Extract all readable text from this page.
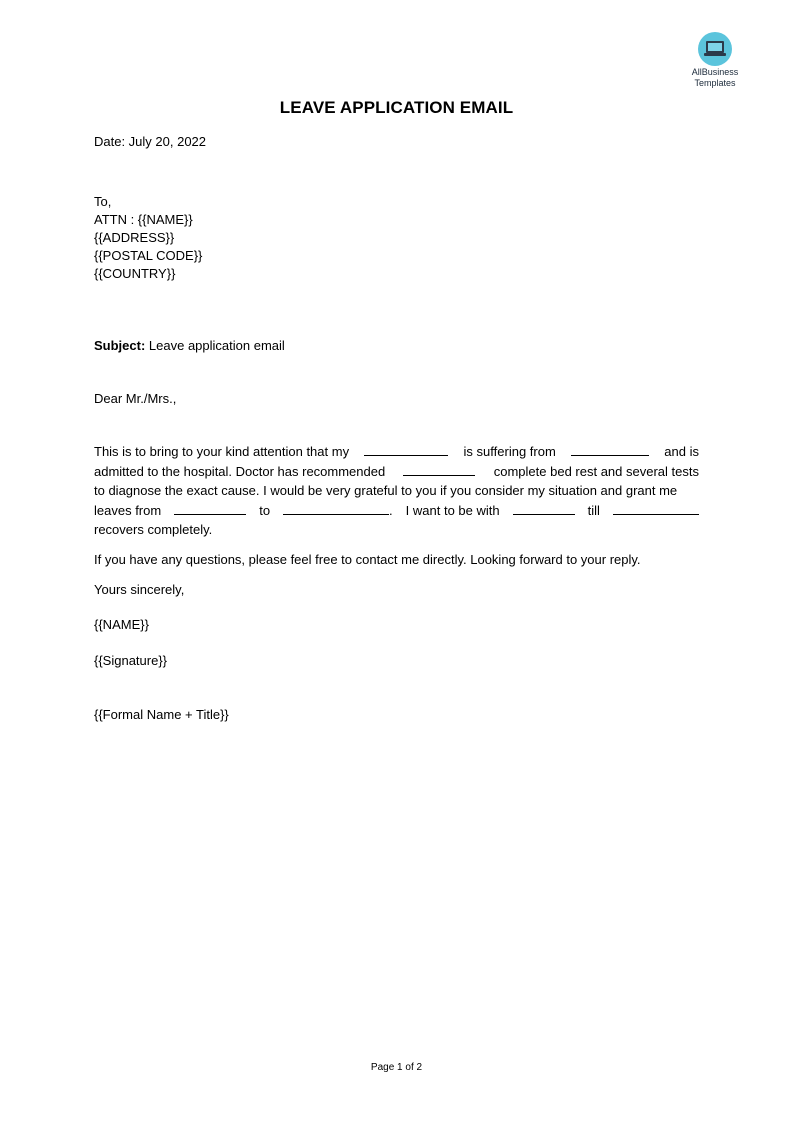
AllBusiness
Templates
LEAVE APPLICATION EMAIL
Date: July 20, 2022
To,
ATTN : {{NAME}}
{{ADDRESS}}
{{POSTAL CODE}}
{{COUNTRY}}
Subject: Leave application email
Dear Mr./Mrs.,
This is to bring to your kind attention that my	is suffering from	and is
admitted to the hospital. Doctor has recommended	complete bed rest and several tests
to diagnose the exact cause. I would be very grateful to you if you consider my situation and grant me
leaves from	to	. I want to be with	till
recovers completely.
If you have any questions, please feel free to contact me directly. Looking forward to your reply.
Yours sincerely,
{{NAME}}
{{Signature}}
{{Formal Name + Title}}
Page 1 of 2
